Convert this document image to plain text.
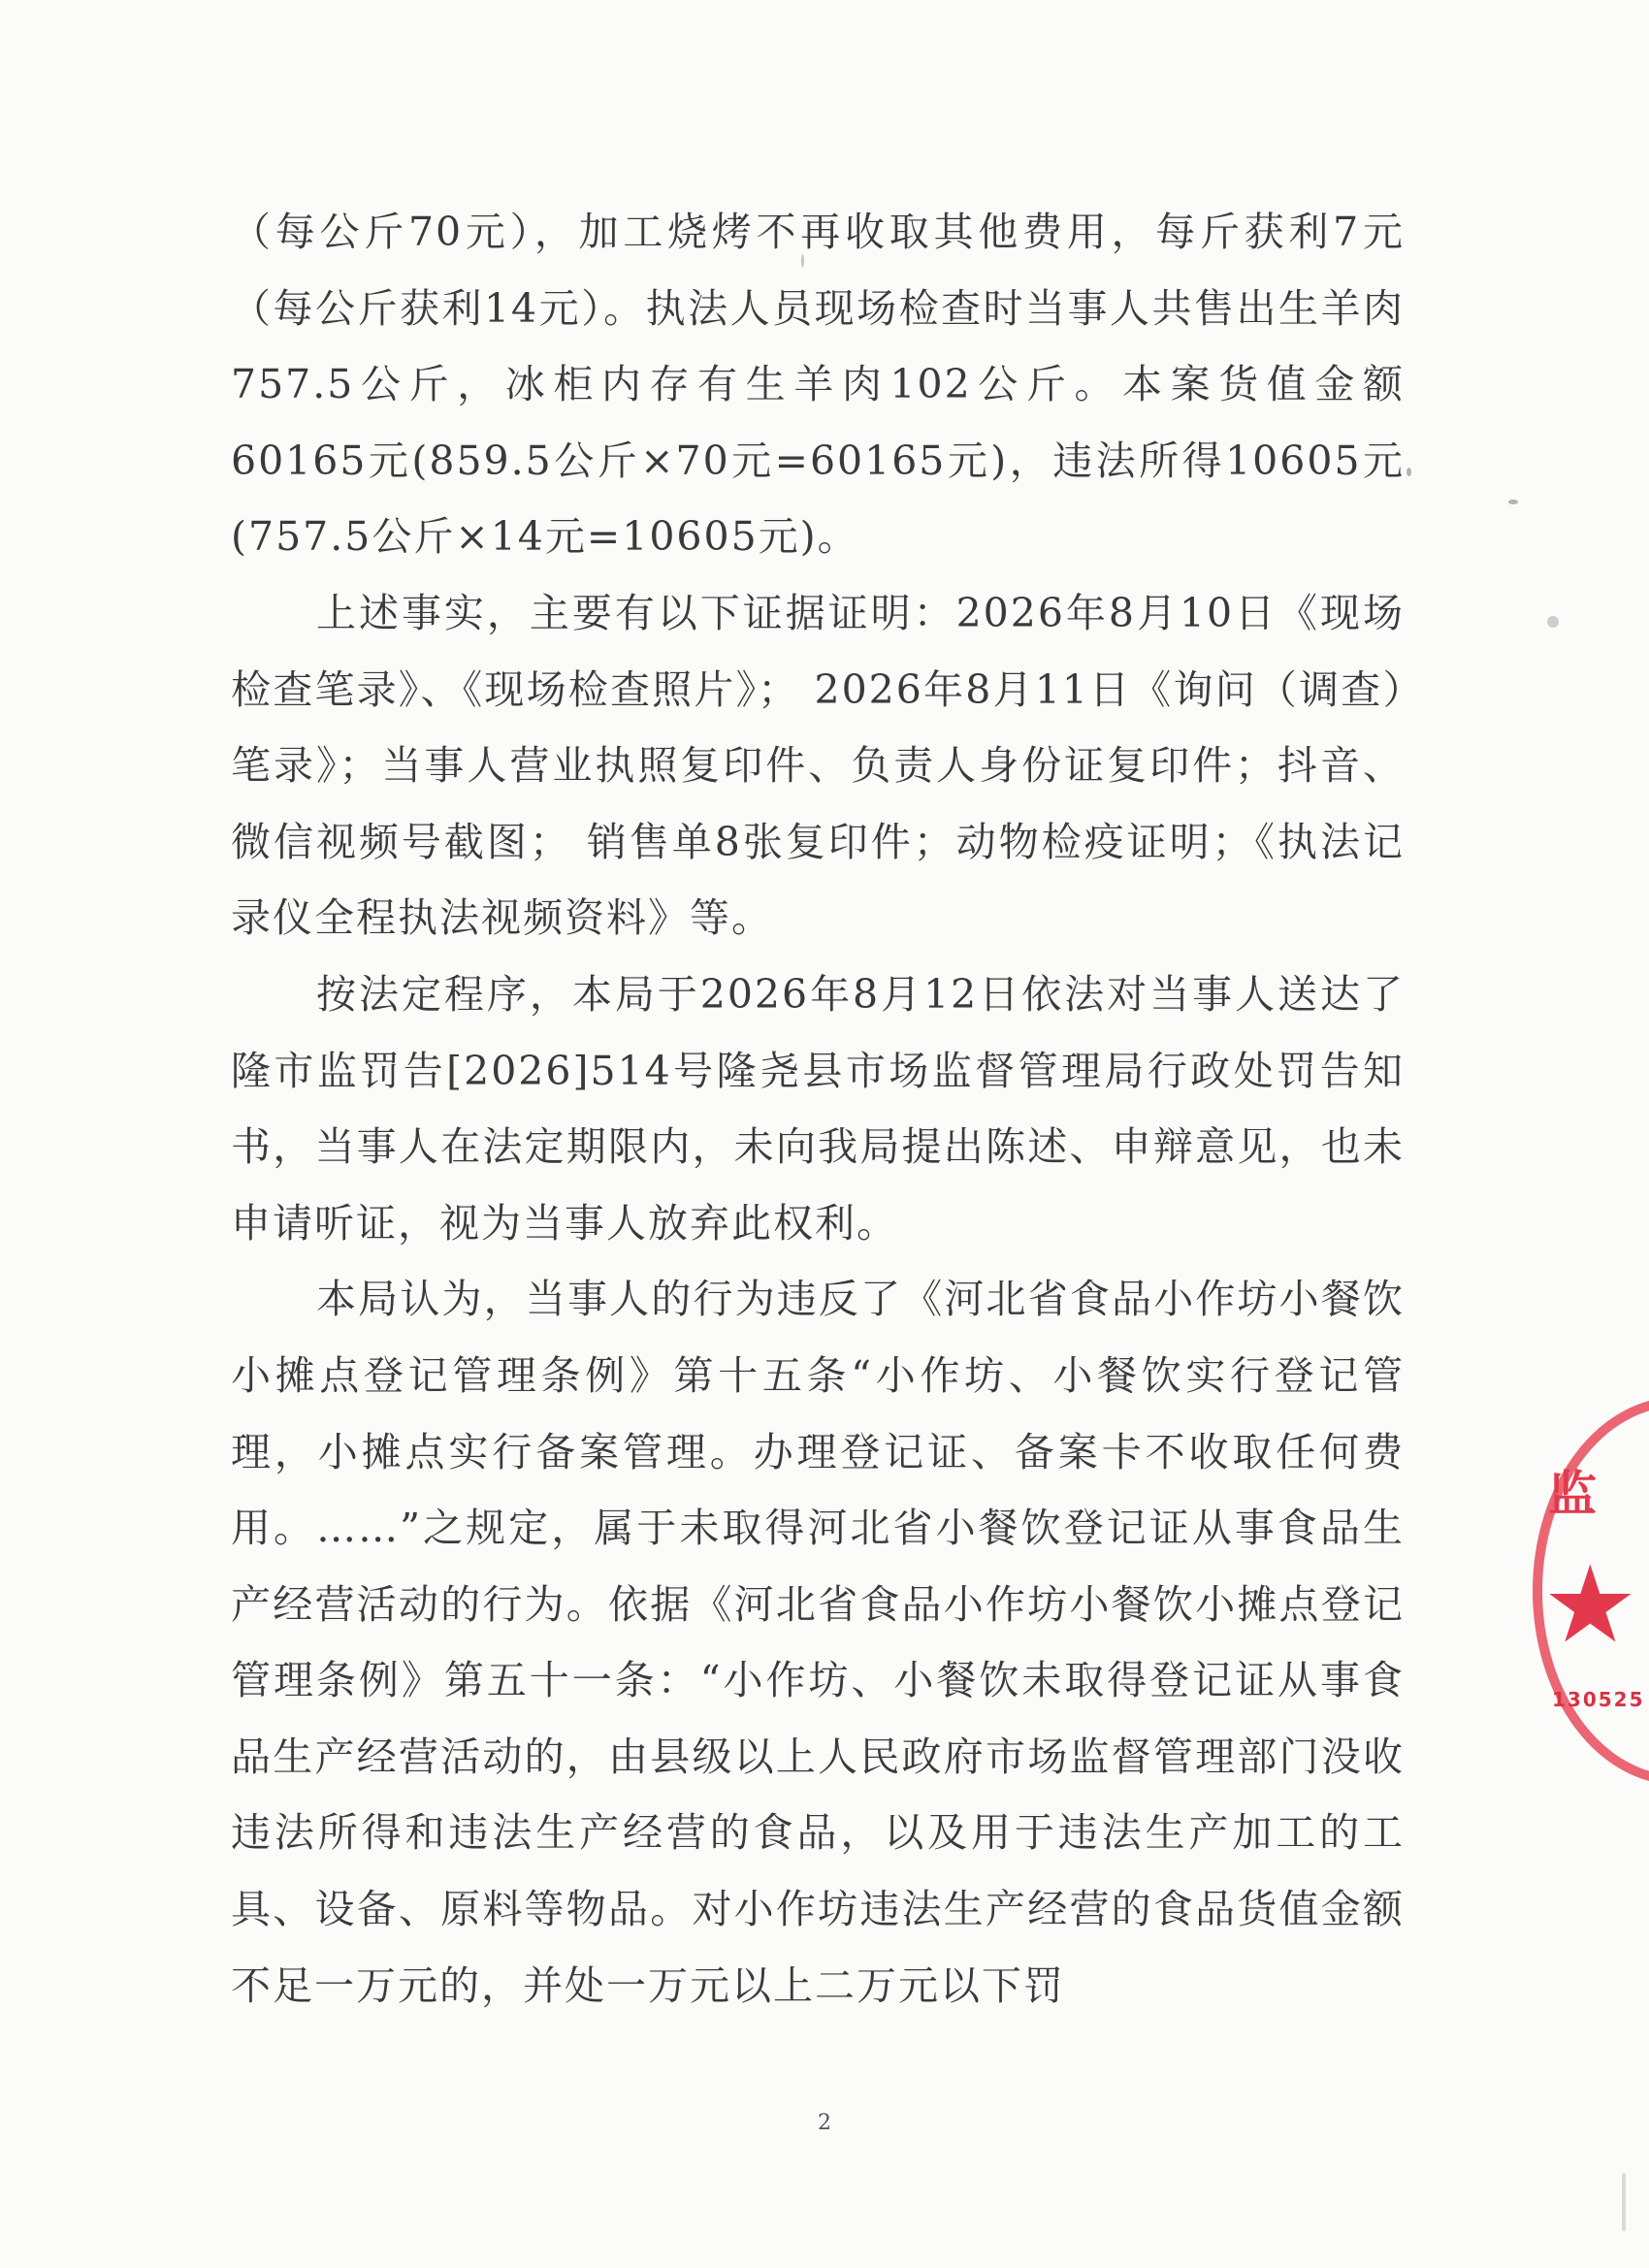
（每公斤70元），加工烧烤不再收取其他费用，每斤获利7元（每公斤获利14元）。执法人员现场检查时当事人共售出生羊肉757.5公斤，冰柜内存有生羊肉102公斤。本案货值金额60165元(859.5公斤×70元=60165元)，违法所得10605元(757.5公斤×14元=10605元)。

上述事实，主要有以下证据证明：2026年8月10日《现场检查笔录》、《现场检查照片》； 2026年8月11日《询问（调查）笔录》；当事人营业执照复印件、负责人身份证复印件；抖音、微信视频号截图； 销售单8张复印件；动物检疫证明；《执法记录仪全程执法视频资料》等。

按法定程序，本局于2026年8月12日依法对当事人送达了隆市监罚告[2026]514号隆尧县市场监督管理局行政处罚告知书，当事人在法定期限内，未向我局提出陈述、申辩意见，也未申请听证，视为当事人放弃此权利。

本局认为，当事人的行为违反了《河北省食品小作坊小餐饮小摊点登记管理条例》第十五条“小作坊、小餐饮实行登记管理，小摊点实行备案管理。办理登记证、备案卡不收取任何费用。……”之规定，属于未取得河北省小餐饮登记证从事食品生产经营活动的行为。依据《河北省食品小作坊小餐饮小摊点登记管理条例》第五十一条：“小作坊、小餐饮未取得登记证从事食品生产经营活动的，由县级以上人民政府市场监督管理部门没收违法所得和违法生产经营的食品，以及用于违法生产加工的工具、设备、原料等物品。对小作坊违法生产经营的食品货值金额不足一万元的，并处一万元以上二万元以下罚

2
监
★
130525
